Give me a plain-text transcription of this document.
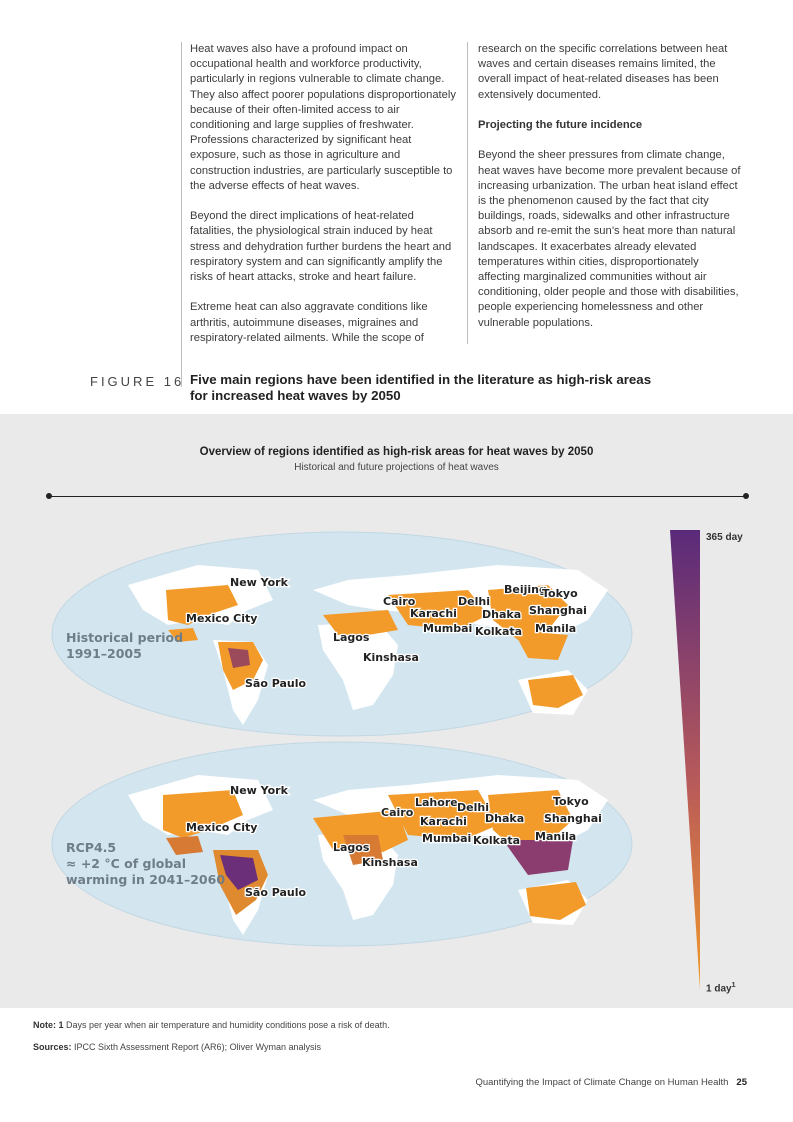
Heat waves also have a profound impact on occupational health and workforce productivity, particularly in regions vulnerable to climate change. They also affect poorer populations disproportionately because of their often-limited access to air conditioning and large supplies of freshwater. Professions characterized by significant heat exposure, such as those in agriculture and construction industries, are particularly susceptible to the adverse effects of heat waves.

Beyond the direct implications of heat-related fatalities, the physiological strain induced by heat stress and dehydration further burdens the heart and respiratory system and can significantly amplify the risks of heart attacks, stroke and heart failure.

Extreme heat can also aggravate conditions like arthritis, autoimmune diseases, migraines and respiratory-related ailments. While the scope of

research on the specific correlations between heat waves and certain diseases remains limited, the overall impact of heat-related diseases has been extensively documented.

Projecting the future incidence

Beyond the sheer pressures from climate change, heat waves have become more prevalent because of increasing urbanization. The urban heat island effect is the phenomenon caused by the fact that city buildings, roads, sidewalks and other infrastructure absorb and re-emit the sun’s heat more than natural landscapes. It exacerbates already elevated temperatures within cities, disproportionately affecting marginalized communities without air conditioning, older people and those with disabilities, people experiencing homelessness and other vulnerable populations.

FIGURE 16 Five main regions have been identified in the literature as high-risk areas for increased heat waves by 2050
Overview of regions identified as high-risk areas for heat waves by 2050
Historical and future projections of heat waves
New York
Mexico City
Cairo
Karachi
Delhi
Beijing
Tokyo
Dhaka Shanghai
Lagos
Mumbai Kolkata Manila
Kinshasa
São Paulo
Historical period
1991–2005
New York
Mexico City
Cairo
Lahore
Karachi
Delhi	Tokyo
Dhaka Shanghai
Lagos
Mumbai Kolkata Manila
Kinshasa
São Paulo
RCP4.5
≈ +2 °C of global
warming in 2041–2060
365 day
1 day$^1$
Note: 1 Days per year when air temperature and humidity conditions pose a risk of death.
Sources: IPCC Sixth Assessment Report (AR6); Oliver Wyman analysis
Quantifying the Impact of Climate Change on Human Health 25
